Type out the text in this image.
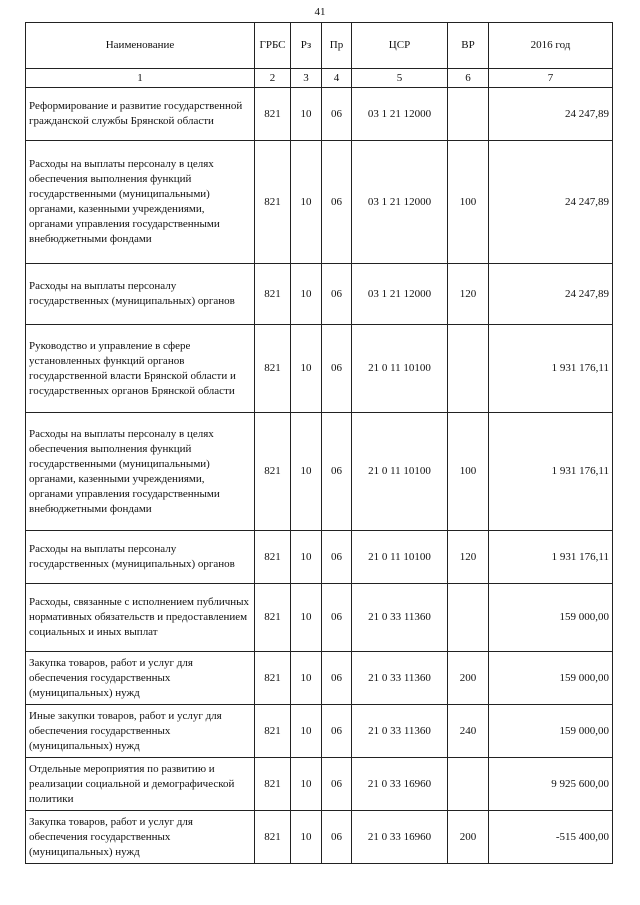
41
Наименование	ГРБС	Рз	Пр	ЦСР	ВР	2016 год
1	2	3	4	5	6	7
Реформирование и развитие государственной гражданской службы Брянской области	821	10	06	03 1 21 12000		24 247,89
Расходы на выплаты персоналу в целях обеспечения выполнения функций государственными (муниципальными) органами, казенными учреждениями, органами управления государственными внебюджетными фондами	821	10	06	03 1 21 12000	100	24 247,89
Расходы на выплаты персоналу государственных (муниципальных) органов	821	10	06	03 1 21 12000	120	24 247,89
Руководство и управление в сфере установленных функций органов государственной власти Брянской области и государственных органов Брянской области	821	10	06	21 0 11 10100		1 931 176,11
Расходы на выплаты персоналу в целях обеспечения выполнения функций государственными (муниципальными) органами, казенными учреждениями, органами управления государственными внебюджетными фондами	821	10	06	21 0 11 10100	100	1 931 176,11
Расходы на выплаты персоналу государственных (муниципальных) органов	821	10	06	21 0 11 10100	120	1 931 176,11
Расходы, связанные с исполнением публичных нормативных обязательств и предоставлением социальных и иных выплат	821	10	06	21 0 33 11360		159 000,00
Закупка товаров, работ и услуг для обеспечения государственных (муниципальных) нужд	821	10	06	21 0 33 11360	200	159 000,00
Иные закупки товаров, работ и услуг для обеспечения государственных (муниципальных) нужд	821	10	06	21 0 33 11360	240	159 000,00
Отдельные мероприятия по развитию и реализации социальной и демографической политики	821	10	06	21 0 33 16960		9 925 600,00
Закупка товаров, работ и услуг для обеспечения государственных (муниципальных) нужд	821	10	06	21 0 33 16960	200	-515 400,00
